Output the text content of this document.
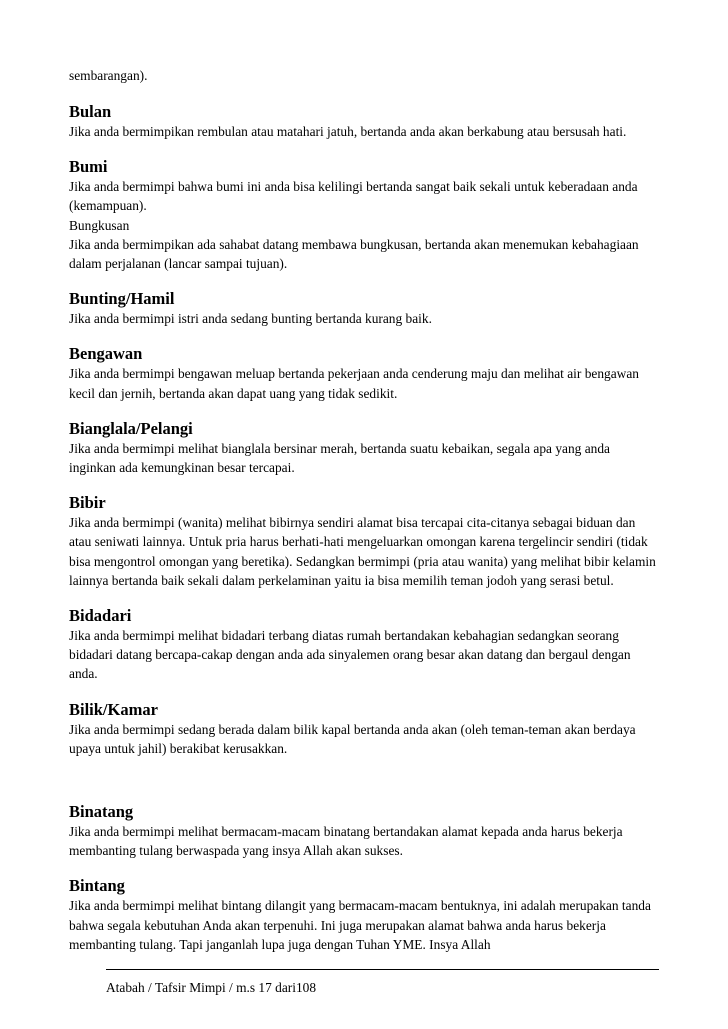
sembarangan).

Bulan

Jika anda bermimpikan rembulan atau matahari jatuh, bertanda anda akan berkabung atau bersusah hati.

Bumi

Jika anda bermimpi bahwa bumi ini anda bisa kelilingi bertanda sangat baik sekali untuk keberadaan anda (kemampuan).
Bungkusan
Jika anda bermimpikan ada sahabat datang membawa bungkusan, bertanda akan menemukan kebahagiaan dalam perjalanan (lancar sampai tujuan).

Bunting/Hamil

Jika anda bermimpi istri anda sedang bunting bertanda kurang baik.

Bengawan

Jika anda bermimpi bengawan meluap bertanda pekerjaan anda cenderung maju dan melihat air bengawan kecil dan jernih, bertanda akan dapat uang yang tidak sedikit.

Bianglala/Pelangi

Jika anda bermimpi melihat bianglala bersinar merah, bertanda suatu kebaikan, segala apa yang anda inginkan ada kemungkinan besar tercapai.

Bibir

Jika anda bermimpi (wanita) melihat bibirnya sendiri alamat bisa tercapai cita-citanya sebagai biduan dan atau seniwati lainnya. Untuk pria harus berhati-hati mengeluarkan omongan karena tergelincir sendiri (tidak bisa mengontrol omongan yang beretika). Sedangkan bermimpi (pria atau wanita) yang melihat bibir kelamin lainnya bertanda baik sekali dalam perkelaminan yaitu ia bisa memilih teman jodoh yang serasi betul.

Bidadari

Jika anda bermimpi melihat bidadari terbang diatas rumah bertandakan kebahagian sedangkan seorang bidadari datang bercapa-cakap dengan anda ada sinyalemen orang besar akan datang dan bergaul dengan anda.

Bilik/Kamar

Jika anda bermimpi sedang berada dalam bilik kapal bertanda anda akan (oleh teman-teman akan berdaya upaya untuk jahil) berakibat kerusakkan.

Binatang

Jika anda bermimpi melihat bermacam-macam binatang bertandakan alamat kepada anda harus bekerja membanting tulang berwaspada yang insya Allah akan sukses.

Bintang

Jika anda bermimpi melihat bintang dilangit yang bermacam-macam bentuknya, ini adalah merupakan tanda bahwa segala kebutuhan Anda akan terpenuhi. Ini juga merupakan alamat bahwa anda harus bekerja membanting tulang. Tapi janganlah lupa juga dengan Tuhan YME. Insya Allah

Atabah / Tafsir Mimpi / m.s 17 dari108
